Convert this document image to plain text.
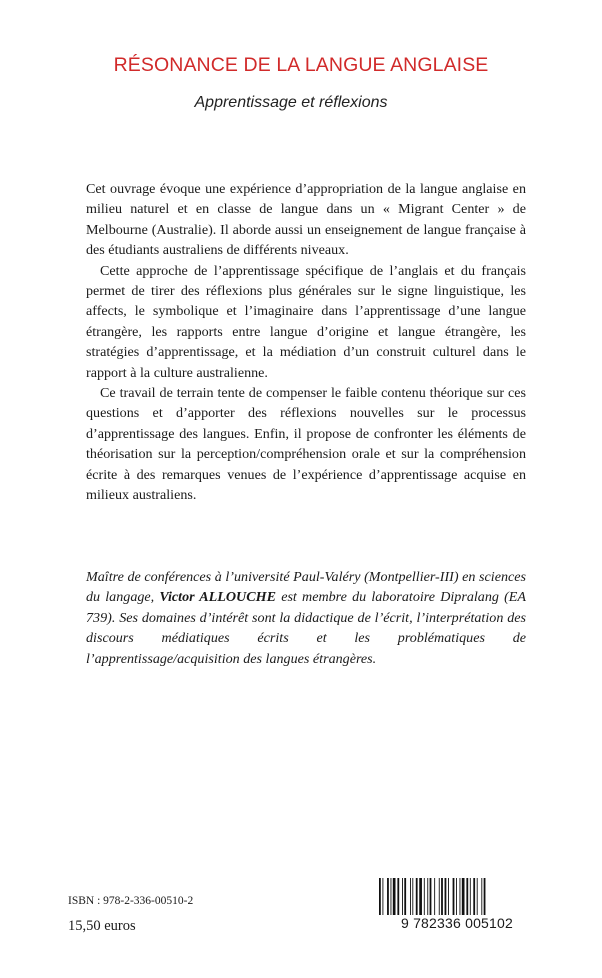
RÉSONANCE DE LA LANGUE ANGLAISE
Apprentissage et réflexions

Cet ouvrage évoque une expérience d’appropriation de la langue anglaise en milieu naturel et en classe de langue dans un « Migrant Center » de Melbourne (Australie). Il aborde aussi un enseignement de langue française à des étudiants australiens de différents niveaux.

Cette approche de l’apprentissage spécifique de l’anglais et du français permet de tirer des réflexions plus générales sur le signe linguistique, les affects, le symbolique et l’imaginaire dans l’apprentissage d’une langue étrangère, les rapports entre langue d’origine et langue étrangère, les stratégies d’apprentissage, et la médiation d’un construit culturel dans le rapport à la culture australienne.

Ce travail de terrain tente de compenser le faible contenu théorique sur ces questions et d’apporter des réflexions nouvelles sur le processus d’apprentissage des langues. Enfin, il propose de confronter les éléments de théorisation sur la perception/compréhension orale et sur la compréhension écrite à des remarques venues de l’expérience d’apprentissage acquise en milieux australiens.

Maître de conférences à l’université Paul-Valéry (Montpellier-III) en sciences du langage, Victor ALLOUCHE est membre du laboratoire Dipralang (EA 739). Ses domaines d’intérêt sont la didactique de l’écrit, l’interprétation des discours médiatiques écrits et les problématiques de l’apprentissage/acquisition des langues étrangères.
ISBN : 978-2-336-00510-2
15,50 euros	9 782336 005102
